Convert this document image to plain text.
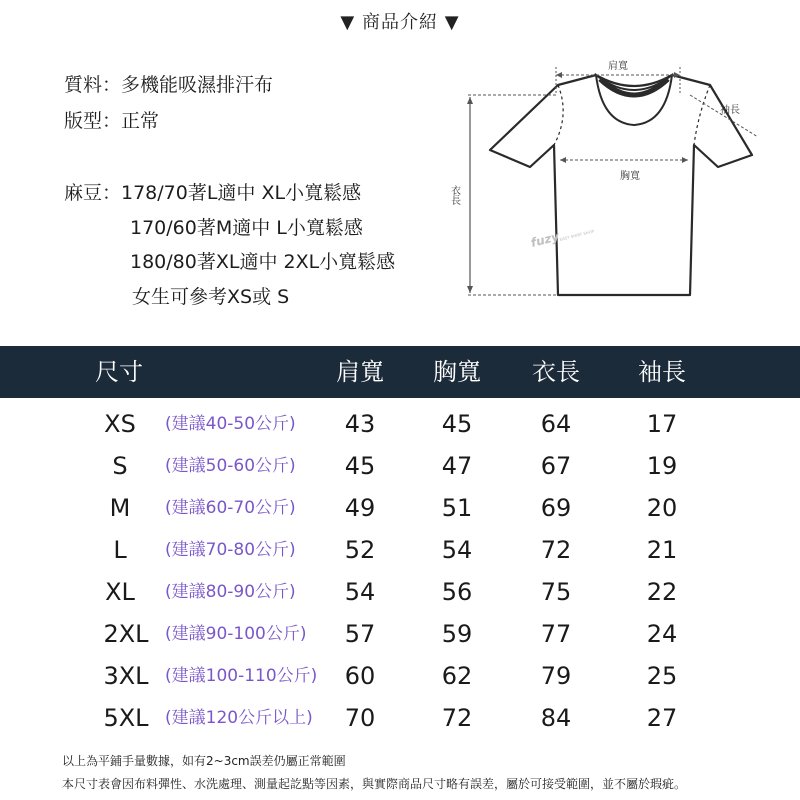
▼ 商品介紹 ▼
質料：多機能吸濕排汗布
版型：正常
麻豆：178/70著L適中 XL小寬鬆感
170/60著M適中 L小寬鬆感
180/80著XL適中 2XL小寬鬆感
女生可參考XS或 S
肩寬
袖長
胸寬
衣長
fuzy
EASY SHIRT SHOP
尺寸	肩寬 胸寬 衣長 袖長
XS (建議40-50公斤) 43	45	64	17
S (建議50-60公斤) 45	47	67	19
M (建議60-70公斤) 49	51	69	20
L (建議70-80公斤) 52	54	72	21
XL (建議80-90公斤) 54	56	75	22
2XL (建議90-100公斤) 57	59	77	24
3XL (建議100-110公斤) 60	62	79	25
5XL (建議120公斤以上) 70	72	84	27
以上為平鋪手量數據，如有2~3cm誤差仍屬正常範圍
本尺寸表會因布料彈性、水洗處理、測量起訖點等因素，與實際商品尺寸略有誤差，屬於可接受範圍，並不屬於瑕疵。
